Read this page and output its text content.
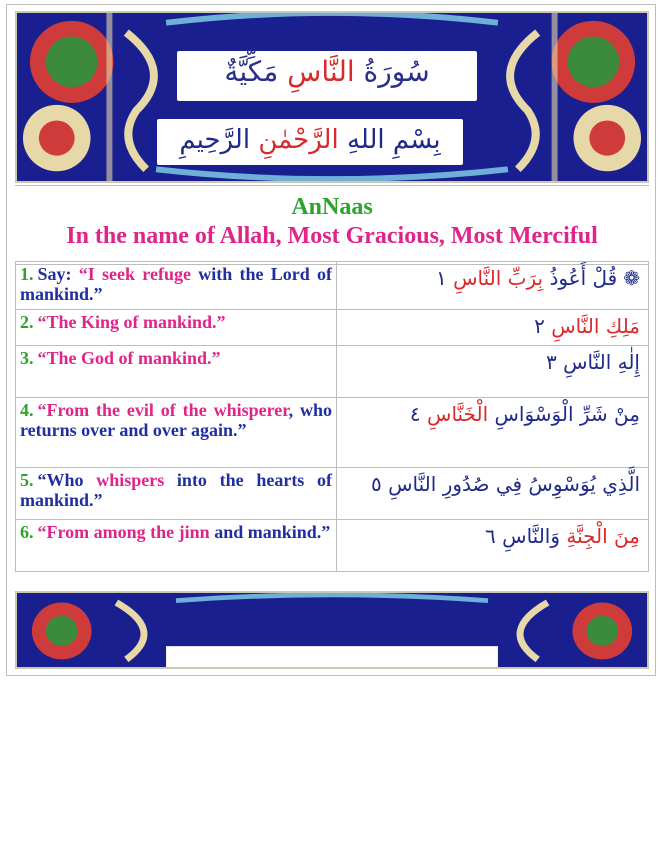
سُورَةُ النَّاسِ مَكِّيَّةٌ
بِسْمِ اللهِ الرَّحْمٰنِ الرَّحِيمِ
AnNaas
In the name of Allah, Most Gracious, Most Merciful
1. Say: “I seek refuge with the Lord of mankind.”	❁قُلْ أَعُوذُ بِرَبِّ النَّاسِ ١
2. “The King of mankind.”	مَلِكِ النَّاسِ ٢
3. “The God of mankind.”	إِلٰهِ النَّاسِ ٣
4. “From the evil of the whisperer, who returns over and over again.”	مِنْ شَرِّ الْوَسْوَاسِ الْخَنَّاسِ ٤
5. “Who whispers into the hearts of mankind.”	الَّذِي يُوَسْوِسُ فِي صُدُورِ النَّاسِ ٥
6. “From among the jinn and mankind.”	مِنَ الْجِنَّةِ وَالنَّاسِ ٦
